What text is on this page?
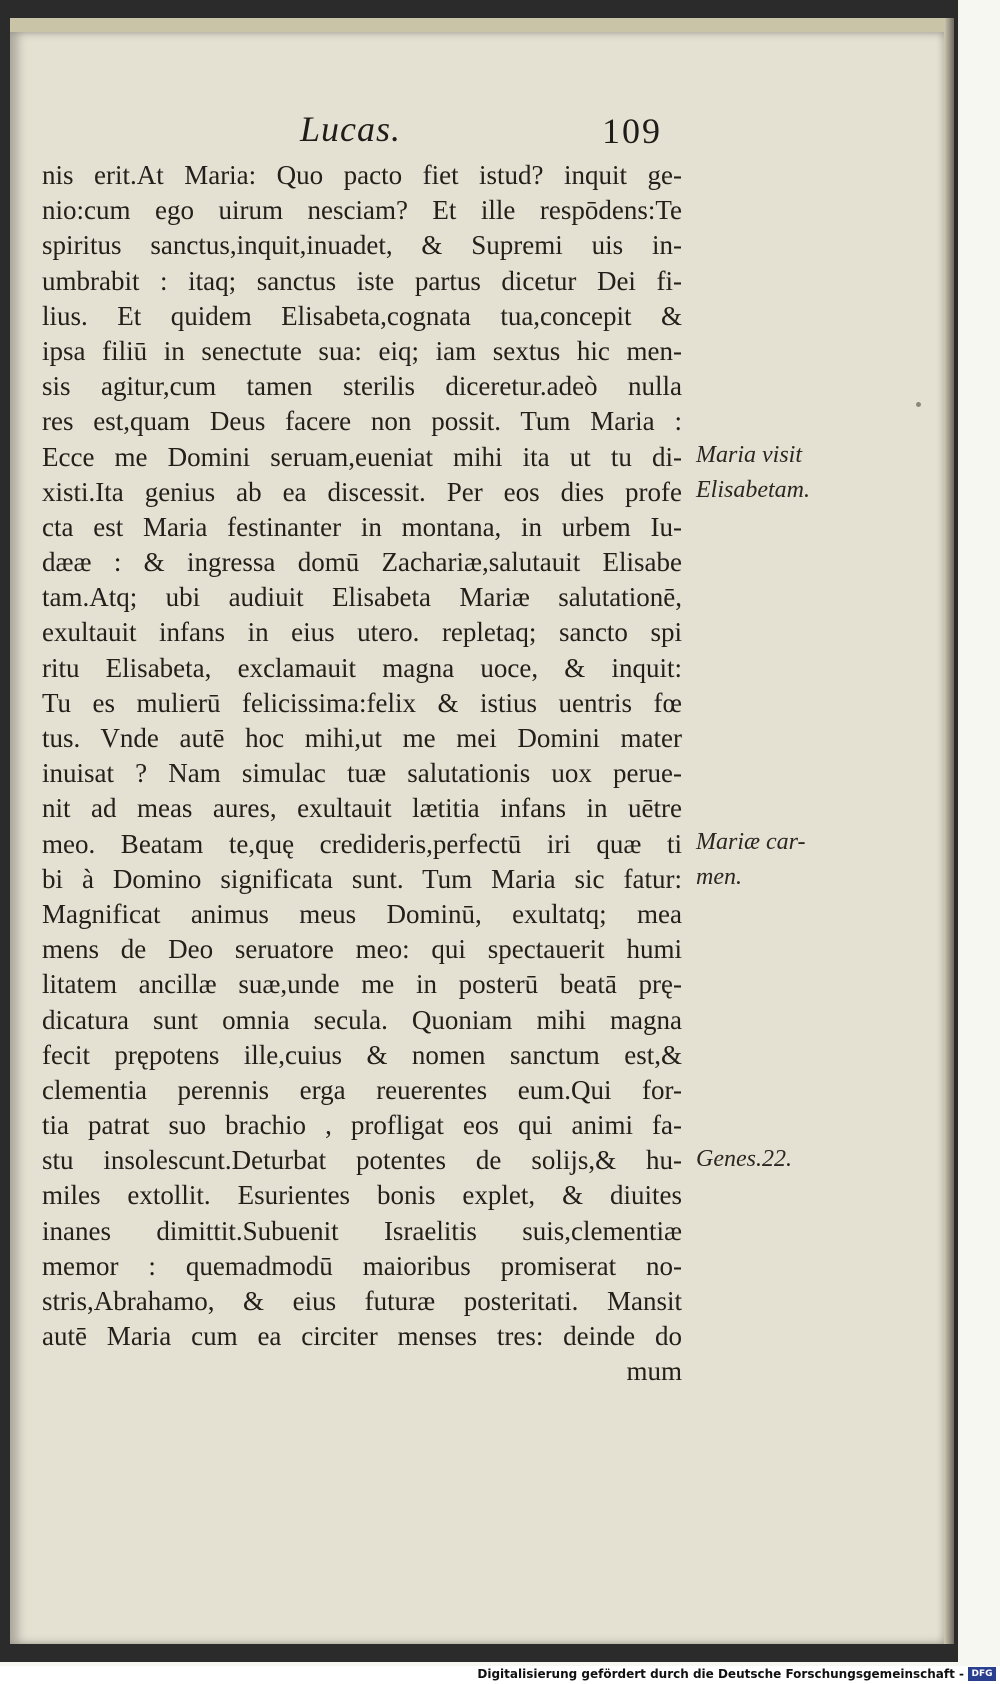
Lucas.	109
nis erit.At Maria: Quo pacto fiet istud? inquit ge-
nio:cum ego uirum nesciam? Et ille respōdens:Te
spiritus sanctus,inquit,inuadet, & Supremi uis in-
umbrabit : itaq; sanctus iste partus dicetur Dei fi-
lius. Et quidem Elisabeta,cognata tua,concepit &
ipsa filiū in senectute sua: eiq; iam sextus hic men-
sis agitur,cum tamen sterilis diceretur.adeò nulla
res est,quam Deus facere non possit. Tum Maria :
Ecce me Domini seruam,eueniat mihi ita ut tu di-
xisti.Ita genius ab ea discessit. Per eos dies profe
cta est Maria festinanter in montana, in urbem Iu-
dææ : & ingressa domū Zachariæ,salutauit Elisabe
tam.Atq; ubi audiuit Elisabeta Mariæ salutationē,
exultauit infans in eius utero. repletaq; sancto spi
ritu Elisabeta, exclamauit magna uoce, & inquit:
Tu es mulierū felicissima:felix & istius uentris fœ
tus. Vnde autē hoc mihi,ut me mei Domini mater
inuisat ? Nam simulac tuæ salutationis uox perue-
nit ad meas aures, exultauit lætitia infans in uētre
meo. Beatam te,quę credideris,perfectū iri quæ ti
bi à Domino significata sunt. Tum Maria sic fatur:
Magnificat animus meus Dominū, exultatq; mea
mens de Deo seruatore meo: qui spectauerit humi
litatem ancillæ suæ,unde me in posterū beatā prę-
dicatura sunt omnia secula. Quoniam mihi magna
fecit prępotens ille,cuius & nomen sanctum est,&
clementia perennis erga reuerentes eum.Qui for-
tia patrat suo brachio , profligat eos qui animi fa-
stu insolescunt.Deturbat potentes de solijs,& hu-
miles extollit. Esurientes bonis explet, & diuites
inanes dimittit.Subuenit Israelitis suis,clementiæ
memor : quemadmodū maioribus promiserat no-
stris,Abrahamo, & eius futuræ posteritati. Mansit
autē Maria cum ea circiter menses tres: deinde do
mum
Maria visit
Elisabetam.
Mariæ car-
men.
Genes.22.
Digitalisierung gefördert durch die Deutsche Forschungsgemeinschaft - DFG
